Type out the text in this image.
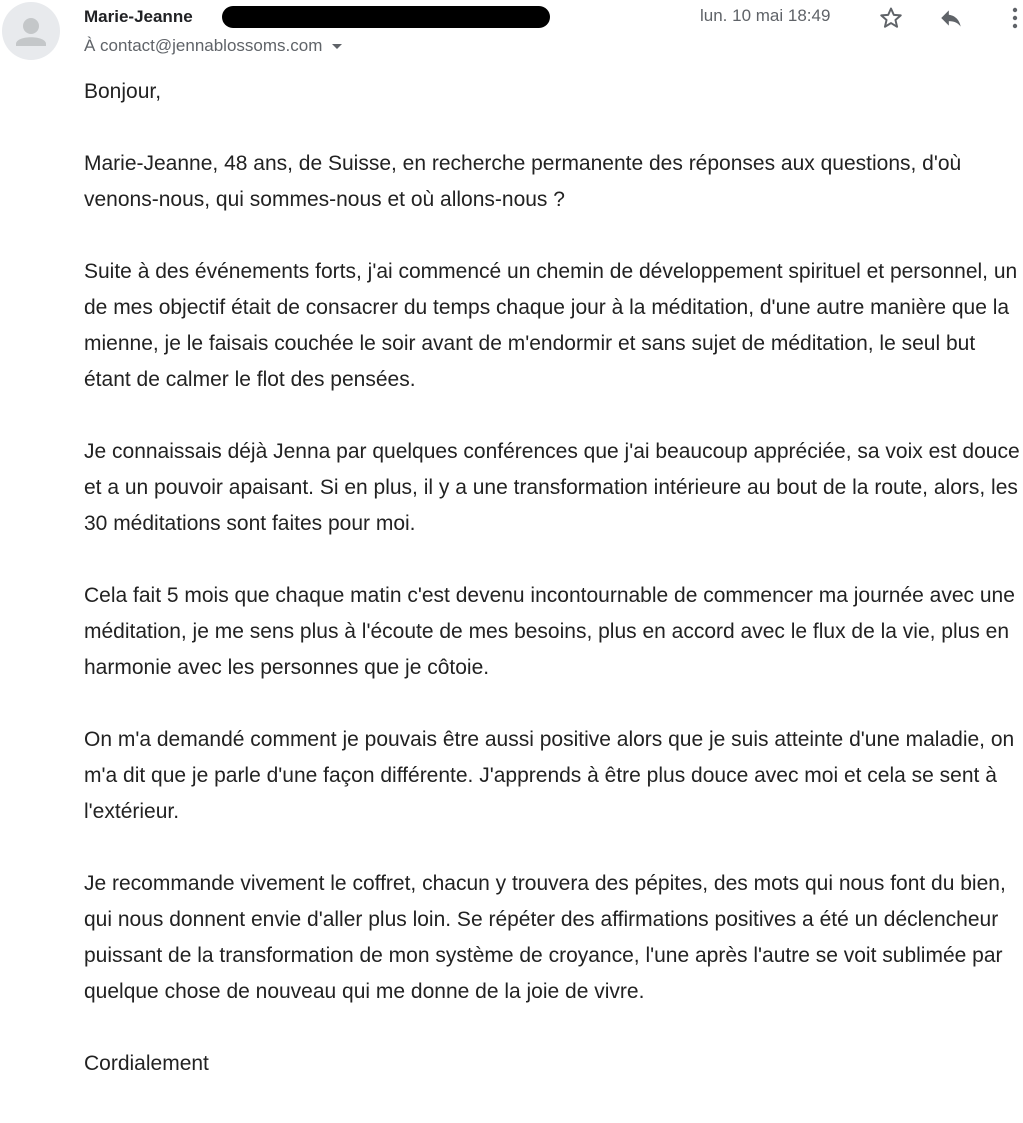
Marie-Jeanne
À contact@jennablossoms.com
lun. 10 mai 18:49

Bonjour,

Marie-Jeanne, 48 ans, de Suisse, en recherche permanente des réponses aux questions, d'où venons-nous, qui sommes-nous et où allons-nous ?

Suite à des événements forts, j'ai commencé un chemin de développement spirituel et personnel, un de mes objectif était de consacrer du temps chaque jour à la méditation, d'une autre manière que la mienne, je le faisais couchée le soir avant de m'endormir et sans sujet de méditation, le seul but étant de calmer le flot des pensées.

Je connaissais déjà Jenna par quelques conférences que j'ai beaucoup appréciée, sa voix est douce et a un pouvoir apaisant. Si en plus, il y a une transformation intérieure au bout de la route, alors, les 30 méditations sont faites pour moi.

Cela fait 5 mois que chaque matin c'est devenu incontournable de commencer ma journée avec une méditation, je me sens plus à l'écoute de mes besoins, plus en accord avec le flux de la vie, plus en harmonie avec les personnes que je côtoie.

On m'a demandé comment je pouvais être aussi positive alors que je suis atteinte d'une maladie, on m'a dit que je parle d'une façon différente. J'apprends à être plus douce avec moi et cela se sent à l'extérieur.

Je recommande vivement le coffret, chacun y trouvera des pépites, des mots qui nous font du bien, qui nous donnent envie d'aller plus loin. Se répéter des affirmations positives a été un déclencheur puissant de la transformation de mon système de croyance, l'une après l'autre se voit sublimée par quelque chose de nouveau qui me donne de la joie de vivre.

Cordialement
